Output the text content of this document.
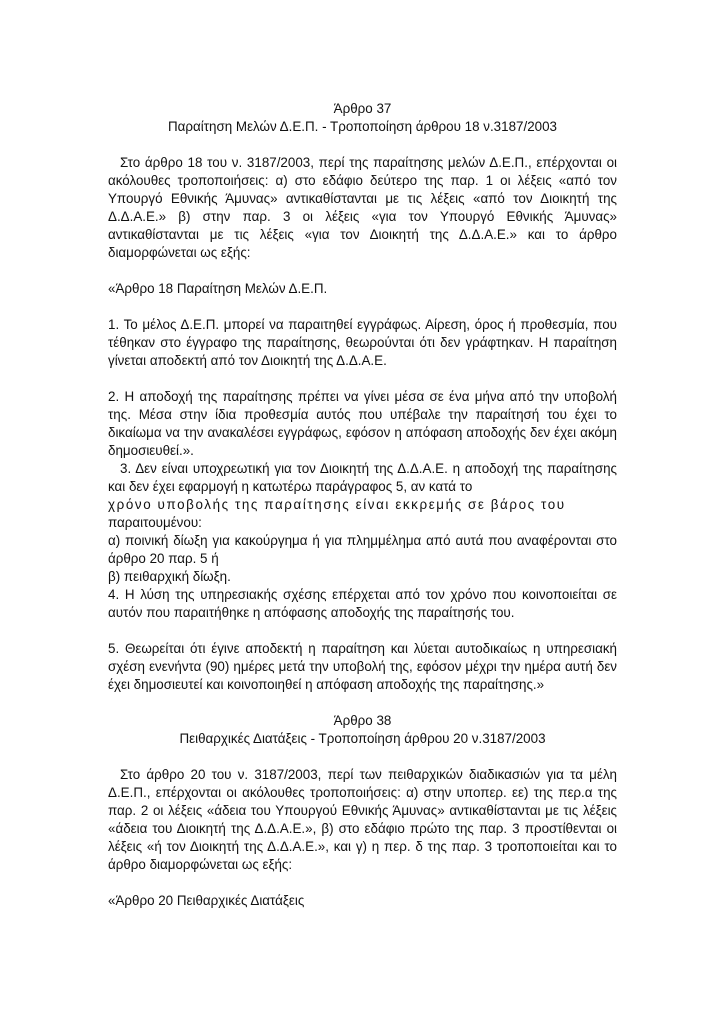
Άρθρο 37
Παραίτηση Μελών Δ.Ε.Π. - Τροποποίηση άρθρου 18 ν.3187/2003

Στο άρθρο 18 του ν. 3187/2003, περί της παραίτησης μελών Δ.Ε.Π., επέρχονται οι ακόλουθες τροποποιήσεις: α) στο εδάφιο δεύτερο της παρ. 1 οι λέξεις «από τον Υπουργό Εθνικής Άμυνας» αντικαθίστανται με τις λέξεις «από τον Διοικητή της Δ.Δ.Α.Ε.» β) στην παρ. 3 οι λέξεις «για τον Υπουργό Εθνικής Άμυνας» αντικαθίστανται με τις λέξεις «για τον Διοικητή της Δ.Δ.Α.Ε.» και το άρθρο διαμορφώνεται ως εξής:

«Άρθρο 18 Παραίτηση Μελών Δ.Ε.Π.

1. Το μέλος Δ.Ε.Π. μπορεί να παραιτηθεί εγγράφως. Αίρεση, όρος ή προθεσμία, που τέθηκαν στο έγγραφο της παραίτησης, θεωρούνται ότι δεν γράφτηκαν. Η παραίτηση γίνεται αποδεκτή από τον Διοικητή της Δ.Δ.Α.Ε.

2. Η αποδοχή της παραίτησης πρέπει να γίνει μέσα σε ένα μήνα από την υποβολή της. Μέσα στην ίδια προθεσμία αυτός που υπέβαλε την παραίτησή του έχει το δικαίωμα να την ανακαλέσει εγγράφως, εφόσον η απόφαση αποδοχής δεν έχει ακόμη δημοσιευθεί.».

3. Δεν είναι υποχρεωτική για τον Διοικητή της Δ.Δ.Α.Ε. η αποδοχή της παραίτησης και δεν έχει εφαρμογή η κατωτέρω παράγραφος 5, αν κατά το

χρόνο υποβολής της παραίτησης είναι εκκρεμής σε βάρος του

παραιτουμένου:

α) ποινική δίωξη για κακούργημα ή για πλημμέλημα από αυτά που αναφέρονται στο άρθρο 20 παρ. 5 ή

β) πειθαρχική δίωξη.

4. Η λύση της υπηρεσιακής σχέσης επέρχεται από τον χρόνο που κοινοποιείται σε αυτόν που παραιτήθηκε η απόφασης αποδοχής της παραίτησής του.

5. Θεωρείται ότι έγινε αποδεκτή η παραίτηση και λύεται αυτοδικαίως η υπηρεσιακή σχέση ενενήντα (90) ημέρες μετά την υποβολή της, εφόσον μέχρι την ημέρα αυτή δεν έχει δημοσιευτεί και κοινοποιηθεί η απόφαση αποδοχής της παραίτησης.»

Άρθρο 38
Πειθαρχικές Διατάξεις - Τροποποίηση άρθρου 20 ν.3187/2003

Στο άρθρο 20 του ν. 3187/2003, περί των πειθαρχικών διαδικασιών για τα μέλη Δ.Ε.Π., επέρχονται οι ακόλουθες τροποποιήσεις: α) στην υποπερ. εε) της περ.α της παρ. 2 οι λέξεις «άδεια του Υπουργού Εθνικής Άμυνας» αντικαθίστανται με τις λέξεις «άδεια του Διοικητή της Δ.Δ.Α.Ε.», β) στο εδάφιο πρώτο της παρ. 3 προστίθενται οι λέξεις «ή τον Διοικητή της Δ.Δ.Α.Ε.», και γ) η περ. δ της παρ. 3 τροποποιείται και το άρθρο διαμορφώνεται ως εξής:

«Άρθρο 20 Πειθαρχικές Διατάξεις
